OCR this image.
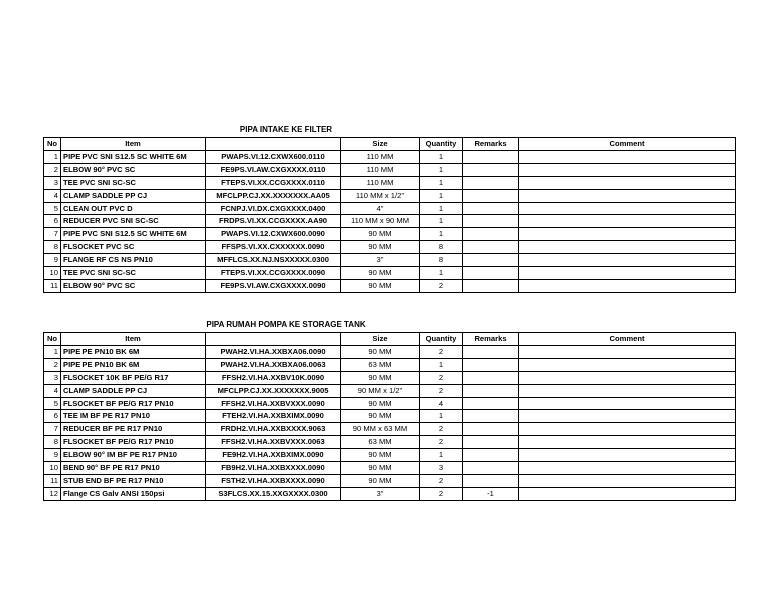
PIPA INTAKE KE FILTER
No	Item		Size	Quantity	Remarks	Comment
1	PIPE PVC SNI S12.5 SC WHITE 6M	PWAPS.VI.12.CXWX600.0110	110 MM	1		
2	ELBOW 90° PVC SC	FE9PS.VI.AW.CXGXXXX.0110	110 MM	1		
3	TEE PVC SNI SC-SC	FTEPS.VI.XX.CCGXXXX.0110	110 MM	1		
4	CLAMP SADDLE PP CJ	MFCLPP.CJ.XX.XXXXXXX.AA05	110 MM x 1/2"	1		
5	CLEAN OUT PVC D	FCNPJ.VI.DX.CXGXXXX.0400	4"	1		
6	REDUCER PVC SNI SC-SC	FRDPS.VI.XX.CCGXXXX.AA90	110 MM x 90 MM	1		
7	PIPE PVC SNI S12.5 SC WHITE 6M	PWAPS.VI.12.CXWX600.0090	90 MM	1		
8	FLSOCKET PVC SC	FFSPS.VI.XX.CXXXXXX.0090	90 MM	8		
9	FLANGE RF CS NS PN10	MFFLCS.XX.NJ.NSXXXXX.0300	3"	8		
10	TEE PVC SNI SC-SC	FTEPS.VI.XX.CCGXXXX.0090	90 MM	1		
11	ELBOW 90° PVC SC	FE9PS.VI.AW.CXGXXXX.0090	90 MM	2		
PIPA RUMAH POMPA KE STORAGE TANK
No	Item		Size	Quantity	Remarks	Comment
1	PIPE PE PN10 BK 6M	PWAH2.VI.HA.XXBXA06.0090	90 MM	2		
2	PIPE PE PN10 BK 6M	PWAH2.VI.HA.XXBXA06.0063	63 MM	1		
3	FLSOCKET 10K BF PE/G R17	FFSH2.VI.HA.XXBV10K.0090	90 MM	2		
4	CLAMP SADDLE PP CJ	MFCLPP.CJ.XX.XXXXXXX.9005	90 MM x 1/2"	2		
5	FLSOCKET BF PE/G R17 PN10	FFSH2.VI.HA.XXBVXXX.0090	90 MM	4		
6	TEE IM BF PE R17 PN10	FTEH2.VI.HA.XXBXIMX.0090	90 MM	1		
7	REDUCER BF PE R17 PN10	FRDH2.VI.HA.XXBXXXX.9063	90 MM x 63 MM	2		
8	FLSOCKET BF PE/G R17 PN10	FFSH2.VI.HA.XXBVXXX.0063	63 MM	2		
9	ELBOW 90° IM BF PE R17 PN10	FE9H2.VI.HA.XXBXIMX.0090	90 MM	1		
10	BEND 90° BF PE R17 PN10	FB9H2.VI.HA.XXBXXXX.0090	90 MM	3		
11	STUB END BF PE R17 PN10	FSTH2.VI.HA.XXBXXXX.0090	90 MM	2		
12	Flange CS Galv ANSI 150psi	S3FLCS.XX.15.XXGXXXX.0300	3"	2	-1	
